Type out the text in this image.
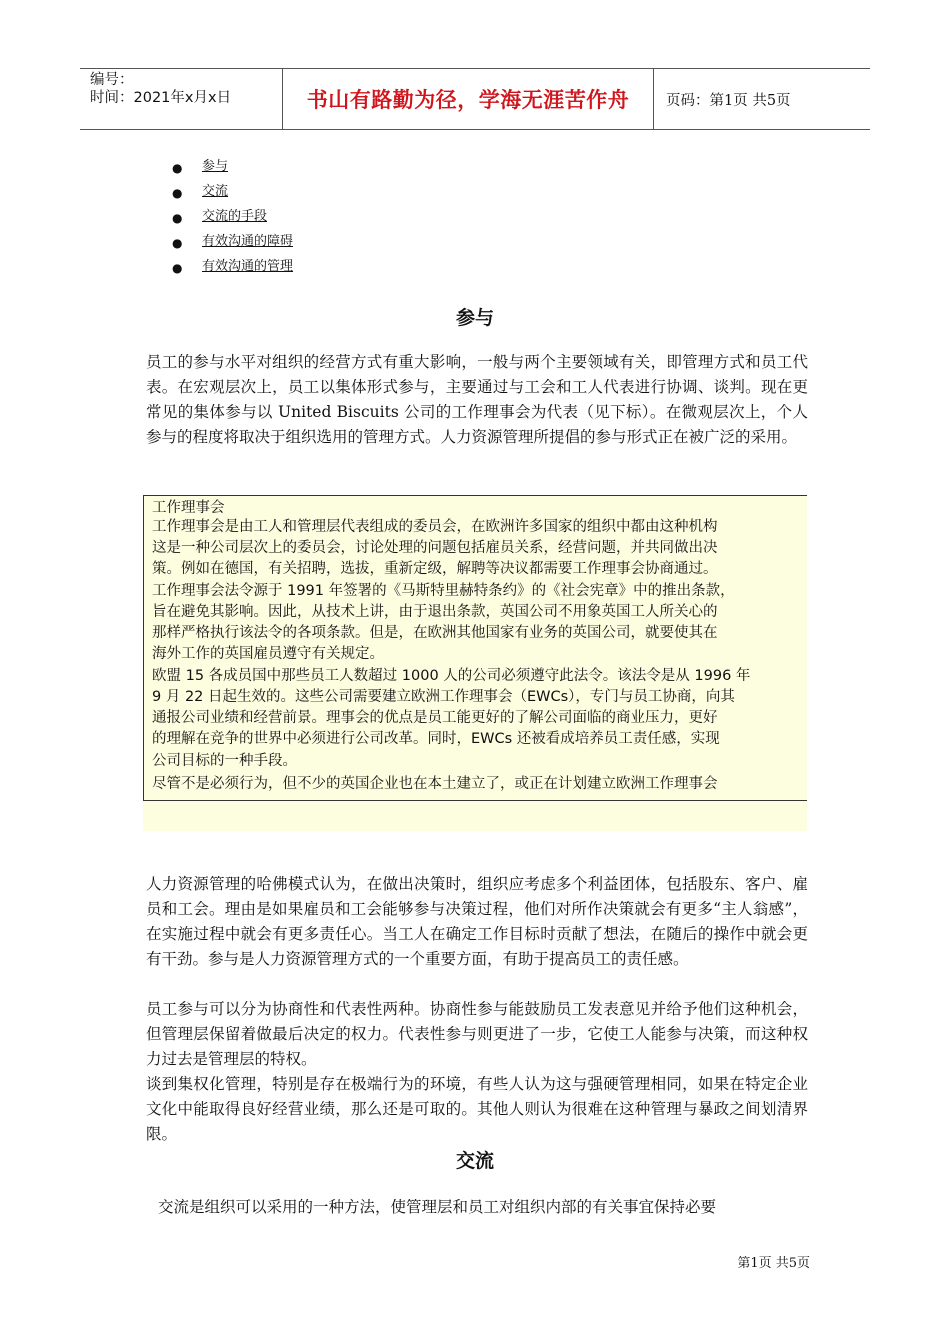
编号：
时间：2021年x月x日	书山有路勤为径，学海无涯苦作舟	页码：第1页 共5页
● 参与
● 交流
● 交流的手段
● 有效沟通的障碍
● 有效沟通的管理
参与

员工的参与水平对组织的经营方式有重大影响，一般与两个主要领域有关，即管理方式和员工代表。在宏观层次上，员工以集体形式参与，主要通过与工会和工人代表进行协调、谈判。现在更常见的集体参与以 United Biscuits 公司的工作理事会为代表（见下标）。在微观层次上，个人参与的程度将取决于组织选用的管理方式。人力资源管理所提倡的参与形式正在被广泛的采用。

工作理事会
工作理事会是由工人和管理层代表组成的委员会，在欧洲许多国家的组织中都由这种机构
这是一种公司层次上的委员会，讨论处理的问题包括雇员关系，经营问题，并共同做出决
策。例如在德国，有关招聘，选拔，重新定级，解聘等决议都需要工作理事会协商通过。
工作理事会法令源于 1991 年签署的《马斯特里赫特条约》的《社会宪章》中的推出条款，
旨在避免其影响。因此，从技术上讲，由于退出条款，英国公司不用象英国工人所关心的
那样严格执行该法令的各项条款。但是，在欧洲其他国家有业务的英国公司，就要使其在
海外工作的英国雇员遵守有关规定。
欧盟 15 各成员国中那些员工人数超过 1000 人的公司必须遵守此法令。该法令是从 1996 年
9 月 22 日起生效的。这些公司需要建立欧洲工作理事会（EWCs），专门与员工协商，向其
通报公司业绩和经营前景。理事会的优点是员工能更好的了解公司面临的商业压力，更好
的理解在竞争的世界中必须进行公司改革。同时，EWCs 还被看成培养员工责任感，实现
公司目标的一种手段。
尽管不是必须行为，但不少的英国企业也在本土建立了，或正在计划建立欧洲工作理事会

人力资源管理的哈佛模式认为，在做出决策时，组织应考虑多个利益团体，包括股东、客户、雇员和工会。理由是如果雇员和工会能够参与决策过程，他们对所作决策就会有更多“主人翁感”，在实施过程中就会有更多责任心。当工人在确定工作目标时贡献了想法，在随后的操作中就会更有干劲。参与是人力资源管理方式的一个重要方面，有助于提高员工的责任感。

员工参与可以分为协商性和代表性两种。协商性参与能鼓励员工发表意见并给予他们这种机会，但管理层保留着做最后决定的权力。代表性参与则更进了一步，它使工人能参与决策，而这种权力过去是管理层的特权。

谈到集权化管理，特别是存在极端行为的环境，有些人认为这与强硬管理相同，如果在特定企业文化中能取得良好经营业绩，那么还是可取的。其他人则认为很难在这种管理与暴政之间划清界限。

交流

交流是组织可以采用的一种方法，使管理层和员工对组织内部的有关事宜保持必要

第1页 共5页
